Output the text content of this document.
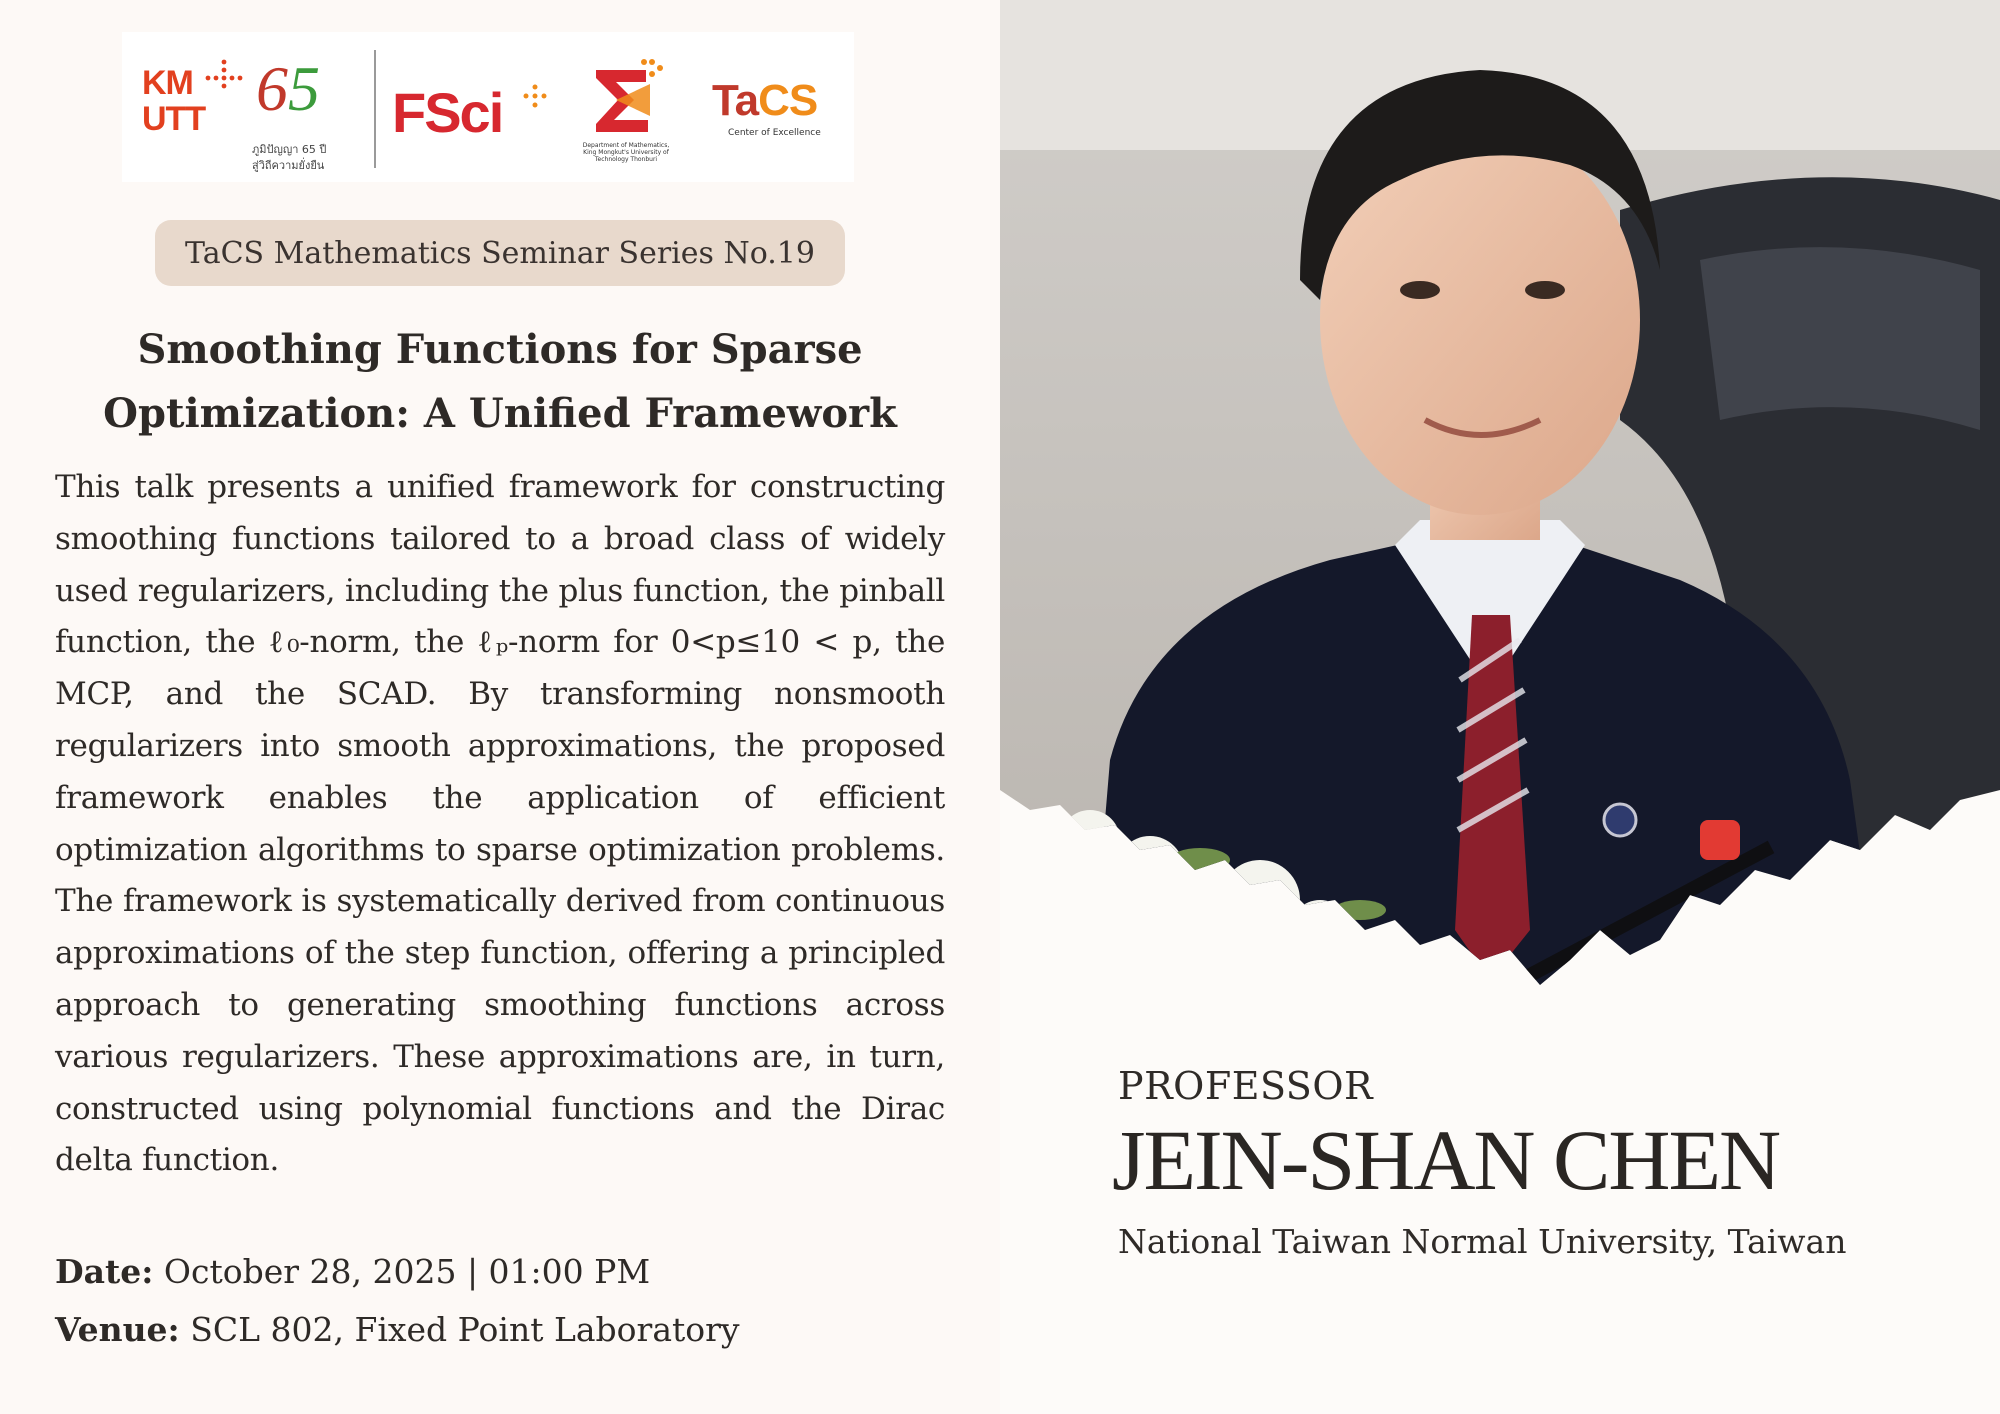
KM
UTT 65
ภูมิปัญญา 65 ปี
สู่วิถีความยั่งยืน
FSci
Department of Mathematics, King Mongkut's University of Technology Thonburi
TaCS
Center of Excellence
TaCS Mathematics Seminar Series No.19
Smoothing Functions for Sparse
Optimization: A Unified Framework

This talk presents a unified framework for constructing smoothing functions tailored to a broad class of widely used regularizers, including the plus function, the pinball function, the ℓ₀-norm, the ℓₚ-norm for 0<p≤10 < p, the MCP, and the SCAD. By transforming nonsmooth regularizers into smooth approximations, the proposed framework enables the application of efficient optimization algorithms to sparse optimization problems. The framework is systematically derived from continuous approximations of the step function, offering a principled approach to generating smoothing functions across various regularizers. These approximations are, in turn, constructed using polynomial functions and the Dirac delta function.

Date: October 28, 2025 | 01:00 PM
Venue: SCL 802, Fixed Point Laboratory
PROFESSOR
JEIN-SHAN CHEN
National Taiwan Normal University, Taiwan
